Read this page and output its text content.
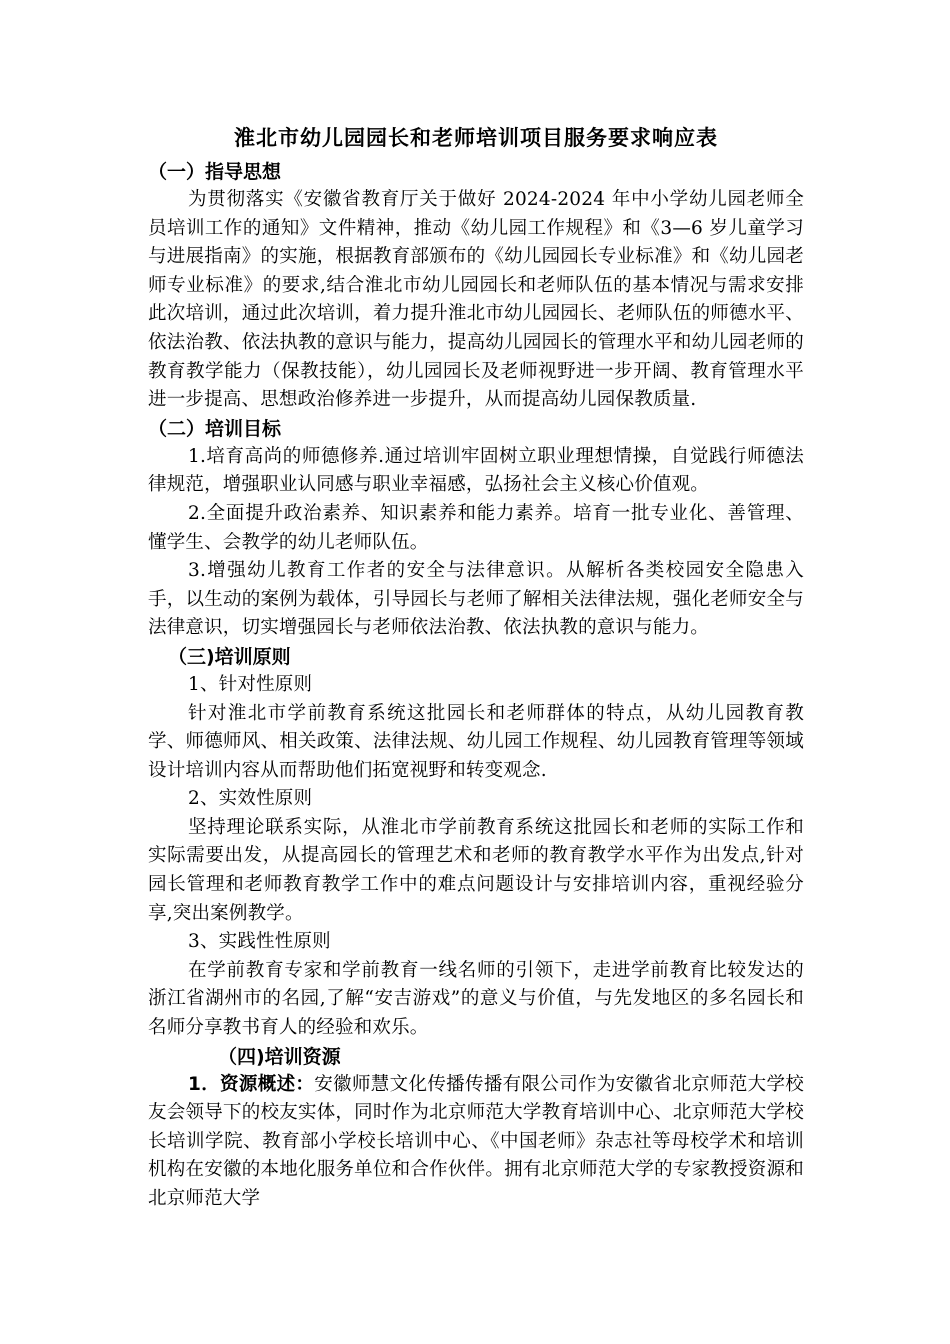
淮北市幼儿园园长和老师培训项目服务要求响应表
（一）指导思想

为贯彻落实《安徽省教育厅关于做好 2024-2024 年中小学幼儿园老师全员培训工作的通知》文件精神，推动《幼儿园工作规程》和《3—6 岁儿童学习与进展指南》的实施，根据教育部颁布的《幼儿园园长专业标准》和《幼儿园老师专业标准》的要求,结合淮北市幼儿园园长和老师队伍的基本情况与需求安排此次培训，通过此次培训，着力提升淮北市幼儿园园长、老师队伍的师德水平、依法治教、依法执教的意识与能力，提高幼儿园园长的管理水平和幼儿园老师的教育教学能力（保教技能），幼儿园园长及老师视野进一步开阔、教育管理水平进一步提高、思想政治修养进一步提升，从而提高幼儿园保教质量.

（二）培训目标

1.培育高尚的师德修养.通过培训牢固树立职业理想情操，自觉践行师德法律规范，增强职业认同感与职业幸福感，弘扬社会主义核心价值观。

2.全面提升政治素养、知识素养和能力素养。培育一批专业化、善管理、懂学生、会教学的幼儿老师队伍。

3.增强幼儿教育工作者的安全与法律意识。从解析各类校园安全隐患入手，以生动的案例为载体，引导园长与老师了解相关法律法规，强化老师安全与法律意识，切实增强园长与老师依法治教、依法执教的意识与能力。

（三)培训原则

1、针对性原则

针对淮北市学前教育系统这批园长和老师群体的特点，从幼儿园教育教学、师德师风、相关政策、法律法规、幼儿园工作规程、幼儿园教育管理等领域设计培训内容从而帮助他们拓宽视野和转变观念.

2、实效性原则

坚持理论联系实际，从淮北市学前教育系统这批园长和老师的实际工作和实际需要出发，从提高园长的管理艺术和老师的教育教学水平作为出发点,针对园长管理和老师教育教学工作中的难点问题设计与安排培训内容，重视经验分享,突出案例教学。

3、实践性性原则

在学前教育专家和学前教育一线名师的引领下，走进学前教育比较发达的浙江省湖州市的名园,了解“安吉游戏”的意义与价值，与先发地区的多名园长和名师分享教书育人的经验和欢乐。

（四)培训资源

1．资源概述：安徽师慧文化传播传播有限公司作为安徽省北京师范大学校友会领导下的校友实体，同时作为北京师范大学教育培训中心、北京师范大学校长培训学院、教育部小学校长培训中心、《中国老师》杂志社等母校学术和培训机构在安徽的本地化服务单位和合作伙伴。拥有北京师范大学的专家教授资源和北京师范大学
